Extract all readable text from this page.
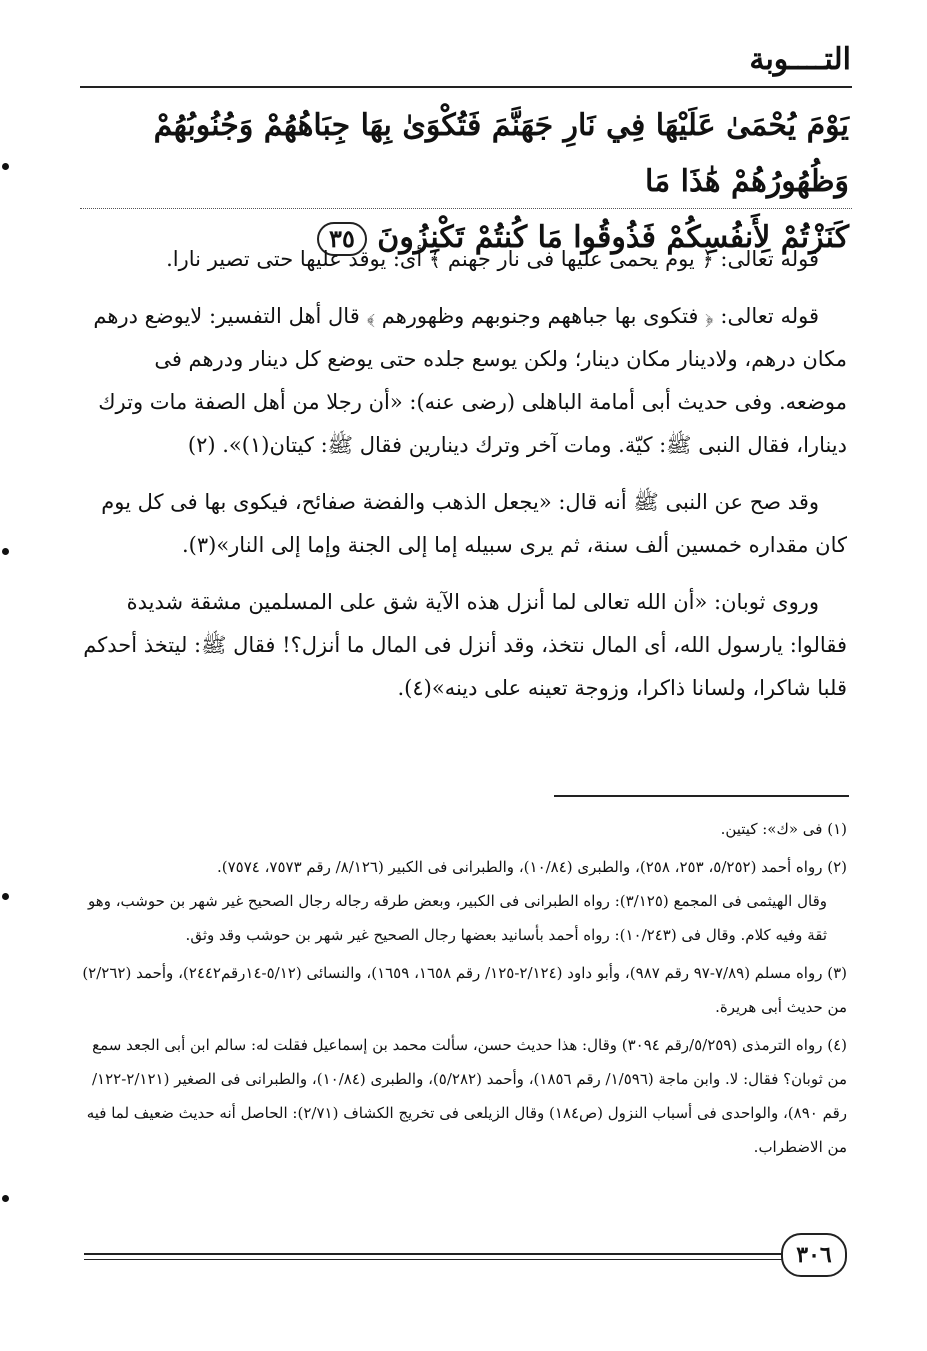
التــــوبة
يَوْمَ يُحْمَىٰ عَلَيْهَا فِي نَارِ جَهَنَّمَ فَتُكْوَىٰ بِهَا جِبَاهُهُمْ وَجُنُوبُهُمْ وَظُهُورُهُمْ هَٰذَا مَا
كَنَزْتُمْ لِأَنفُسِكُمْ فَذُوقُوا مَا كُنتُمْ تَكْنِزُونَ ٣٥

قوله تعالى: ﴿ يوم يحمى عليها فى نار جهنم ﴾ أى: يوقد عليها حتى تصير نارا.

قوله تعالى: ﴿ فتكوى بها جباههم وجنوبهم وظهورهم ﴾ قال أهل التفسير: لايوضع درهم مكان درهم، ولادينار مكان دينار؛ ولكن يوسع جلده حتى يوضع كل دينار ودرهم فى موضعه. وفى حديث أبى أمامة الباهلى (رضى عنه): «أن رجلا من أهل الصفة مات وترك دينارا، فقال النبى ﷺ: كيّة. ومات آخر وترك دينارين فقال ﷺ: كيتان(١)». (٢)

وقد صح عن النبى ﷺ أنه قال: «يجعل الذهب والفضة صفائح، فيكوى بها فى كل يوم كان مقداره خمسين ألف سنة، ثم يرى سبيله إما إلى الجنة وإما إلى النار»(٣).

وروى ثوبان: «أن الله تعالى لما أنزل هذه الآية شق على المسلمين مشقة شديدة فقالوا: يارسول الله، أى المال نتخذ، وقد أنزل فى المال ما أنزل؟! فقال ﷺ: ليتخذ أحدكم قلبا شاكرا، ولسانا ذاكرا، وزوجة تعينه على دينه»(٤).

(١) فى «ك»: كيتين.
(٢) رواه أحمد (٥/٢٥٢، ٢٥٣، ٢٥٨)، والطبرى (١٠/٨٤)، والطبرانى فى الكبير (٨/١٢٦/ رقم ٧٥٧٣، ٧٥٧٤).
وقال الهيثمى فى المجمع (٣/١٢٥): رواه الطبرانى فى الكبير، وبعض طرقه رجاله رجال الصحيح غير شهر بن حوشب، وهو ثقة وفيه كلام. وقال فى (١٠/٢٤٣): رواه أحمد بأسانيد بعضها رجال الصحيح غير شهر بن حوشب وقد وثق.
(٣) رواه مسلم (٧/٨٩-٩٧ رقم ٩٨٧)، وأبو داود (٢/١٢٤-١٢٥/ رقم ١٦٥٨، ١٦٥٩)، والنسائى (٥/١٢-١٤رقم٢٤٤٢)، وأحمد (٢/٢٦٢) من حديث أبى هريرة.
(٤) رواه الترمذى (٥/٢٥٩/رقم ٣٠٩٤) وقال: هذا حديث حسن، سألت محمد بن إسماعيل فقلت له: سالم ابن أبى الجعد سمع من ثوبان؟ فقال: لا. وابن ماجة (١/٥٩٦/ رقم ١٨٥٦)، وأحمد (٥/٢٨٢)، والطبرى (١٠/٨٤)، والطبرانى فى الصغير (٢/١٢١-١٢٢/ رقم ٨٩٠)، والواحدى فى أسباب النزول (ص١٨٤) وقال الزيلعى فى تخريج الكشاف (٢/٧١): الحاصل أنه حديث ضعيف لما فيه من الاضطراب.
٣٠٦
